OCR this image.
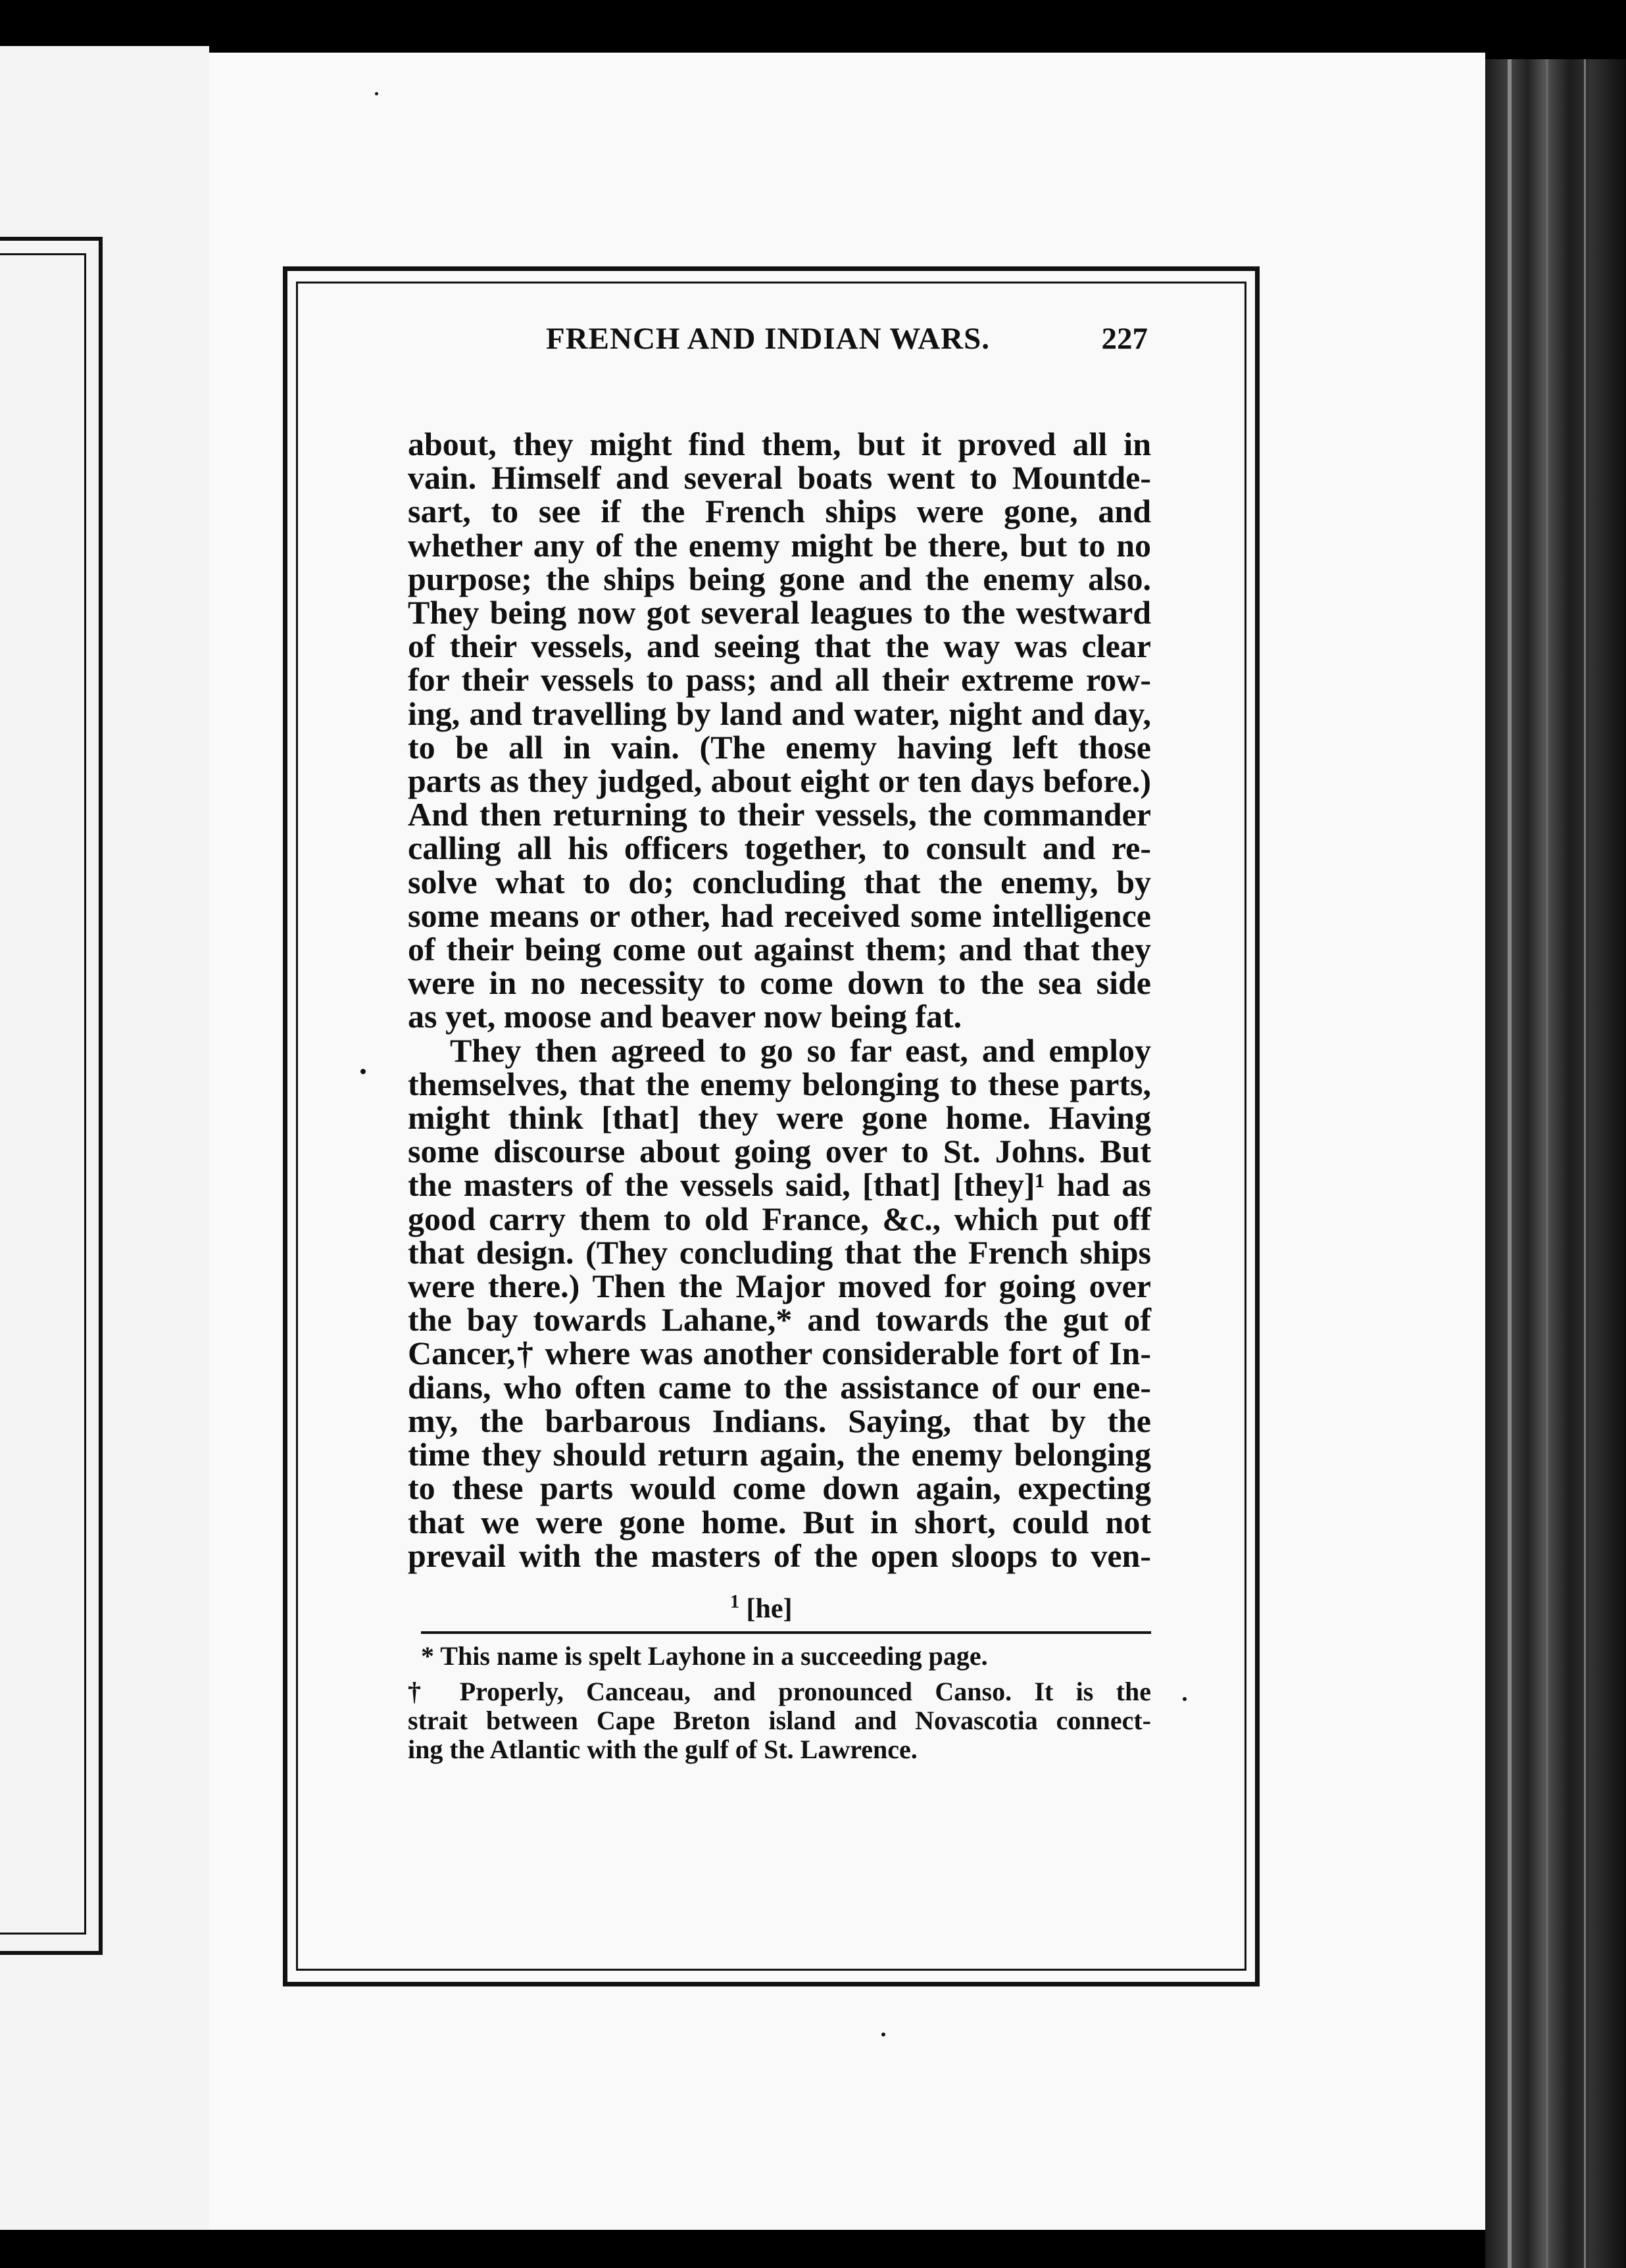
FRENCH AND INDIAN WARS.	227

about, they might find them, but it proved all in
vain. Himself and several boats went to Mountde-
sart, to see if the French ships were gone, and
whether any of the enemy might be there, but to no
purpose; the ships being gone and the enemy also.
They being now got several leagues to the westward
of their vessels, and seeing that the way was clear
for their vessels to pass; and all their extreme row-
ing, and travelling by land and water, night and day,
to be all in vain. (The enemy having left those
parts as they judged, about eight or ten days before.)
And then returning to their vessels, the commander
calling all his officers together, to consult and re-
solve what to do; concluding that the enemy, by
some means or other, had received some intelligence
of their being come out against them; and that they
were in no necessity to come down to the sea side
as yet, moose and beaver now being fat.
They then agreed to go so far east, and employ
themselves, that the enemy belonging to these parts,
might think [that] they were gone home. Having
some discourse about going over to St. Johns. But
the masters of the vessels said, [that] [they]¹ had as
good carry them to old France, &c., which put off
that design. (They concluding that the French ships
were there.) Then the Major moved for going over
the bay towards Lahane,* and towards the gut of
Cancer,† where was another considerable fort of In-
dians, who often came to the assistance of our ene-
my, the barbarous Indians. Saying, that by the
time they should return again, the enemy belonging
to these parts would come down again, expecting
that we were gone home. But in short, could not
prevail with the masters of the open sloops to ven-

$^1$ [he]
* This name is spelt Layhone in a succeeding page.
† Properly, Canceau, and pronounced Canso. It is the
strait between Cape Breton island and Novascotia connect-
ing the Atlantic with the gulf of St. Lawrence.
